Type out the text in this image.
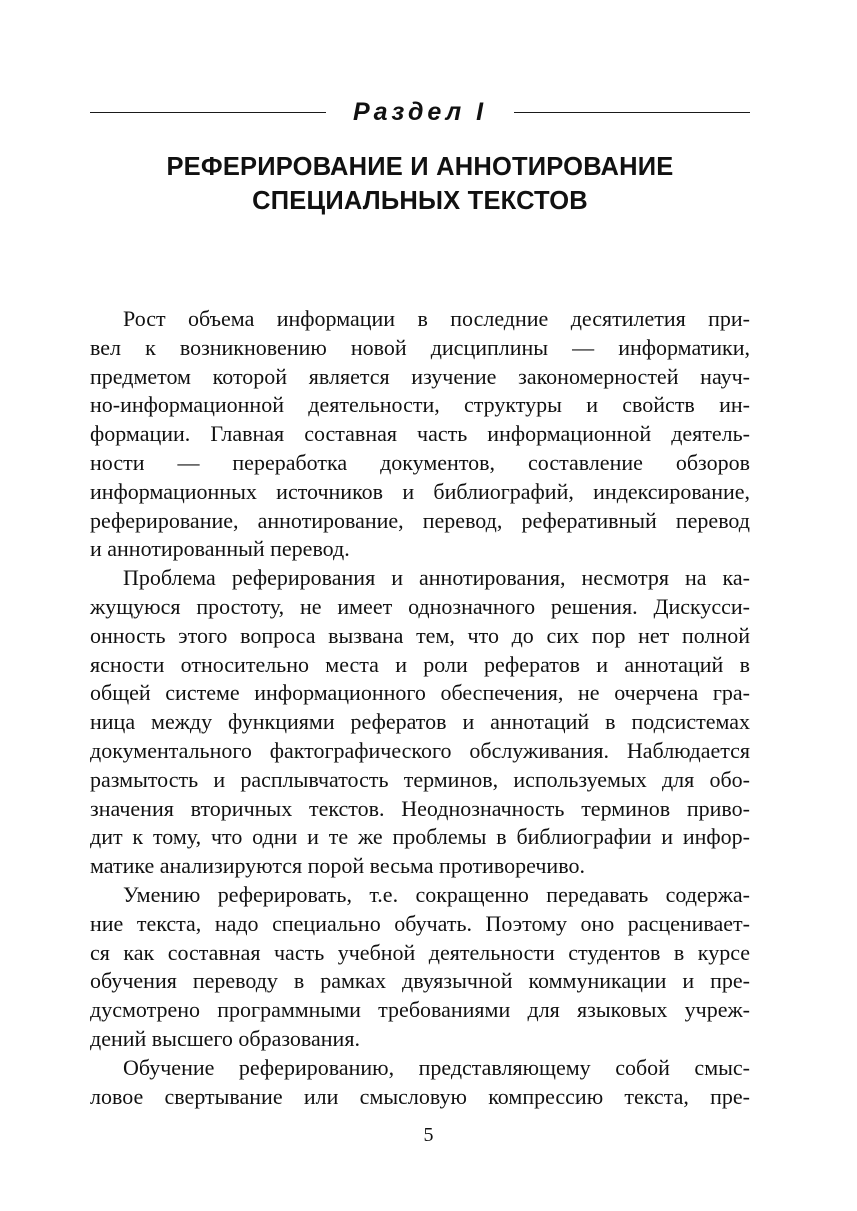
Раздел I
РЕФЕРИРОВАНИЕ И АННОТИРОВАНИЕ
СПЕЦИАЛЬНЫХ ТЕКСТОВ
Рост объема информации в последние десятилетия при-
вел к возникновению новой дисциплины — информатики,
предметом которой является изучение закономерностей науч-
но-информационной деятельности, структуры и свойств ин-
формации. Главная составная часть информационной деятель-
ности — переработка документов, составление обзоров
информационных источников и библиографий, индексирование,
реферирование, аннотирование, перевод, реферативный перевод
и аннотированный перевод.
Проблема реферирования и аннотирования, несмотря на ка-
жущуюся простоту, не имеет однозначного решения. Дискусси-
онность этого вопроса вызвана тем, что до сих пор нет полной
ясности относительно места и роли рефератов и аннотаций в
общей системе информационного обеспечения, не очерчена гра-
ница между функциями рефератов и аннотаций в подсистемах
документального фактографического обслуживания. Наблюдается
размытость и расплывчатость терминов, используемых для обо-
значения вторичных текстов. Неоднозначность терминов приво-
дит к тому, что одни и те же проблемы в библиографии и инфор-
матике анализируются порой весьма противоречиво.
Умению реферировать, т.е. сокращенно передавать содержа-
ние текста, надо специально обучать. Поэтому оно расценивает-
ся как составная часть учебной деятельности студентов в курсе
обучения переводу в рамках двуязычной коммуникации и пре-
дусмотрено программными требованиями для языковых учреж-
дений высшего образования.
Обучение реферированию, представляющему собой смыс-
ловое свертывание или смысловую компрессию текста, пре-
5
